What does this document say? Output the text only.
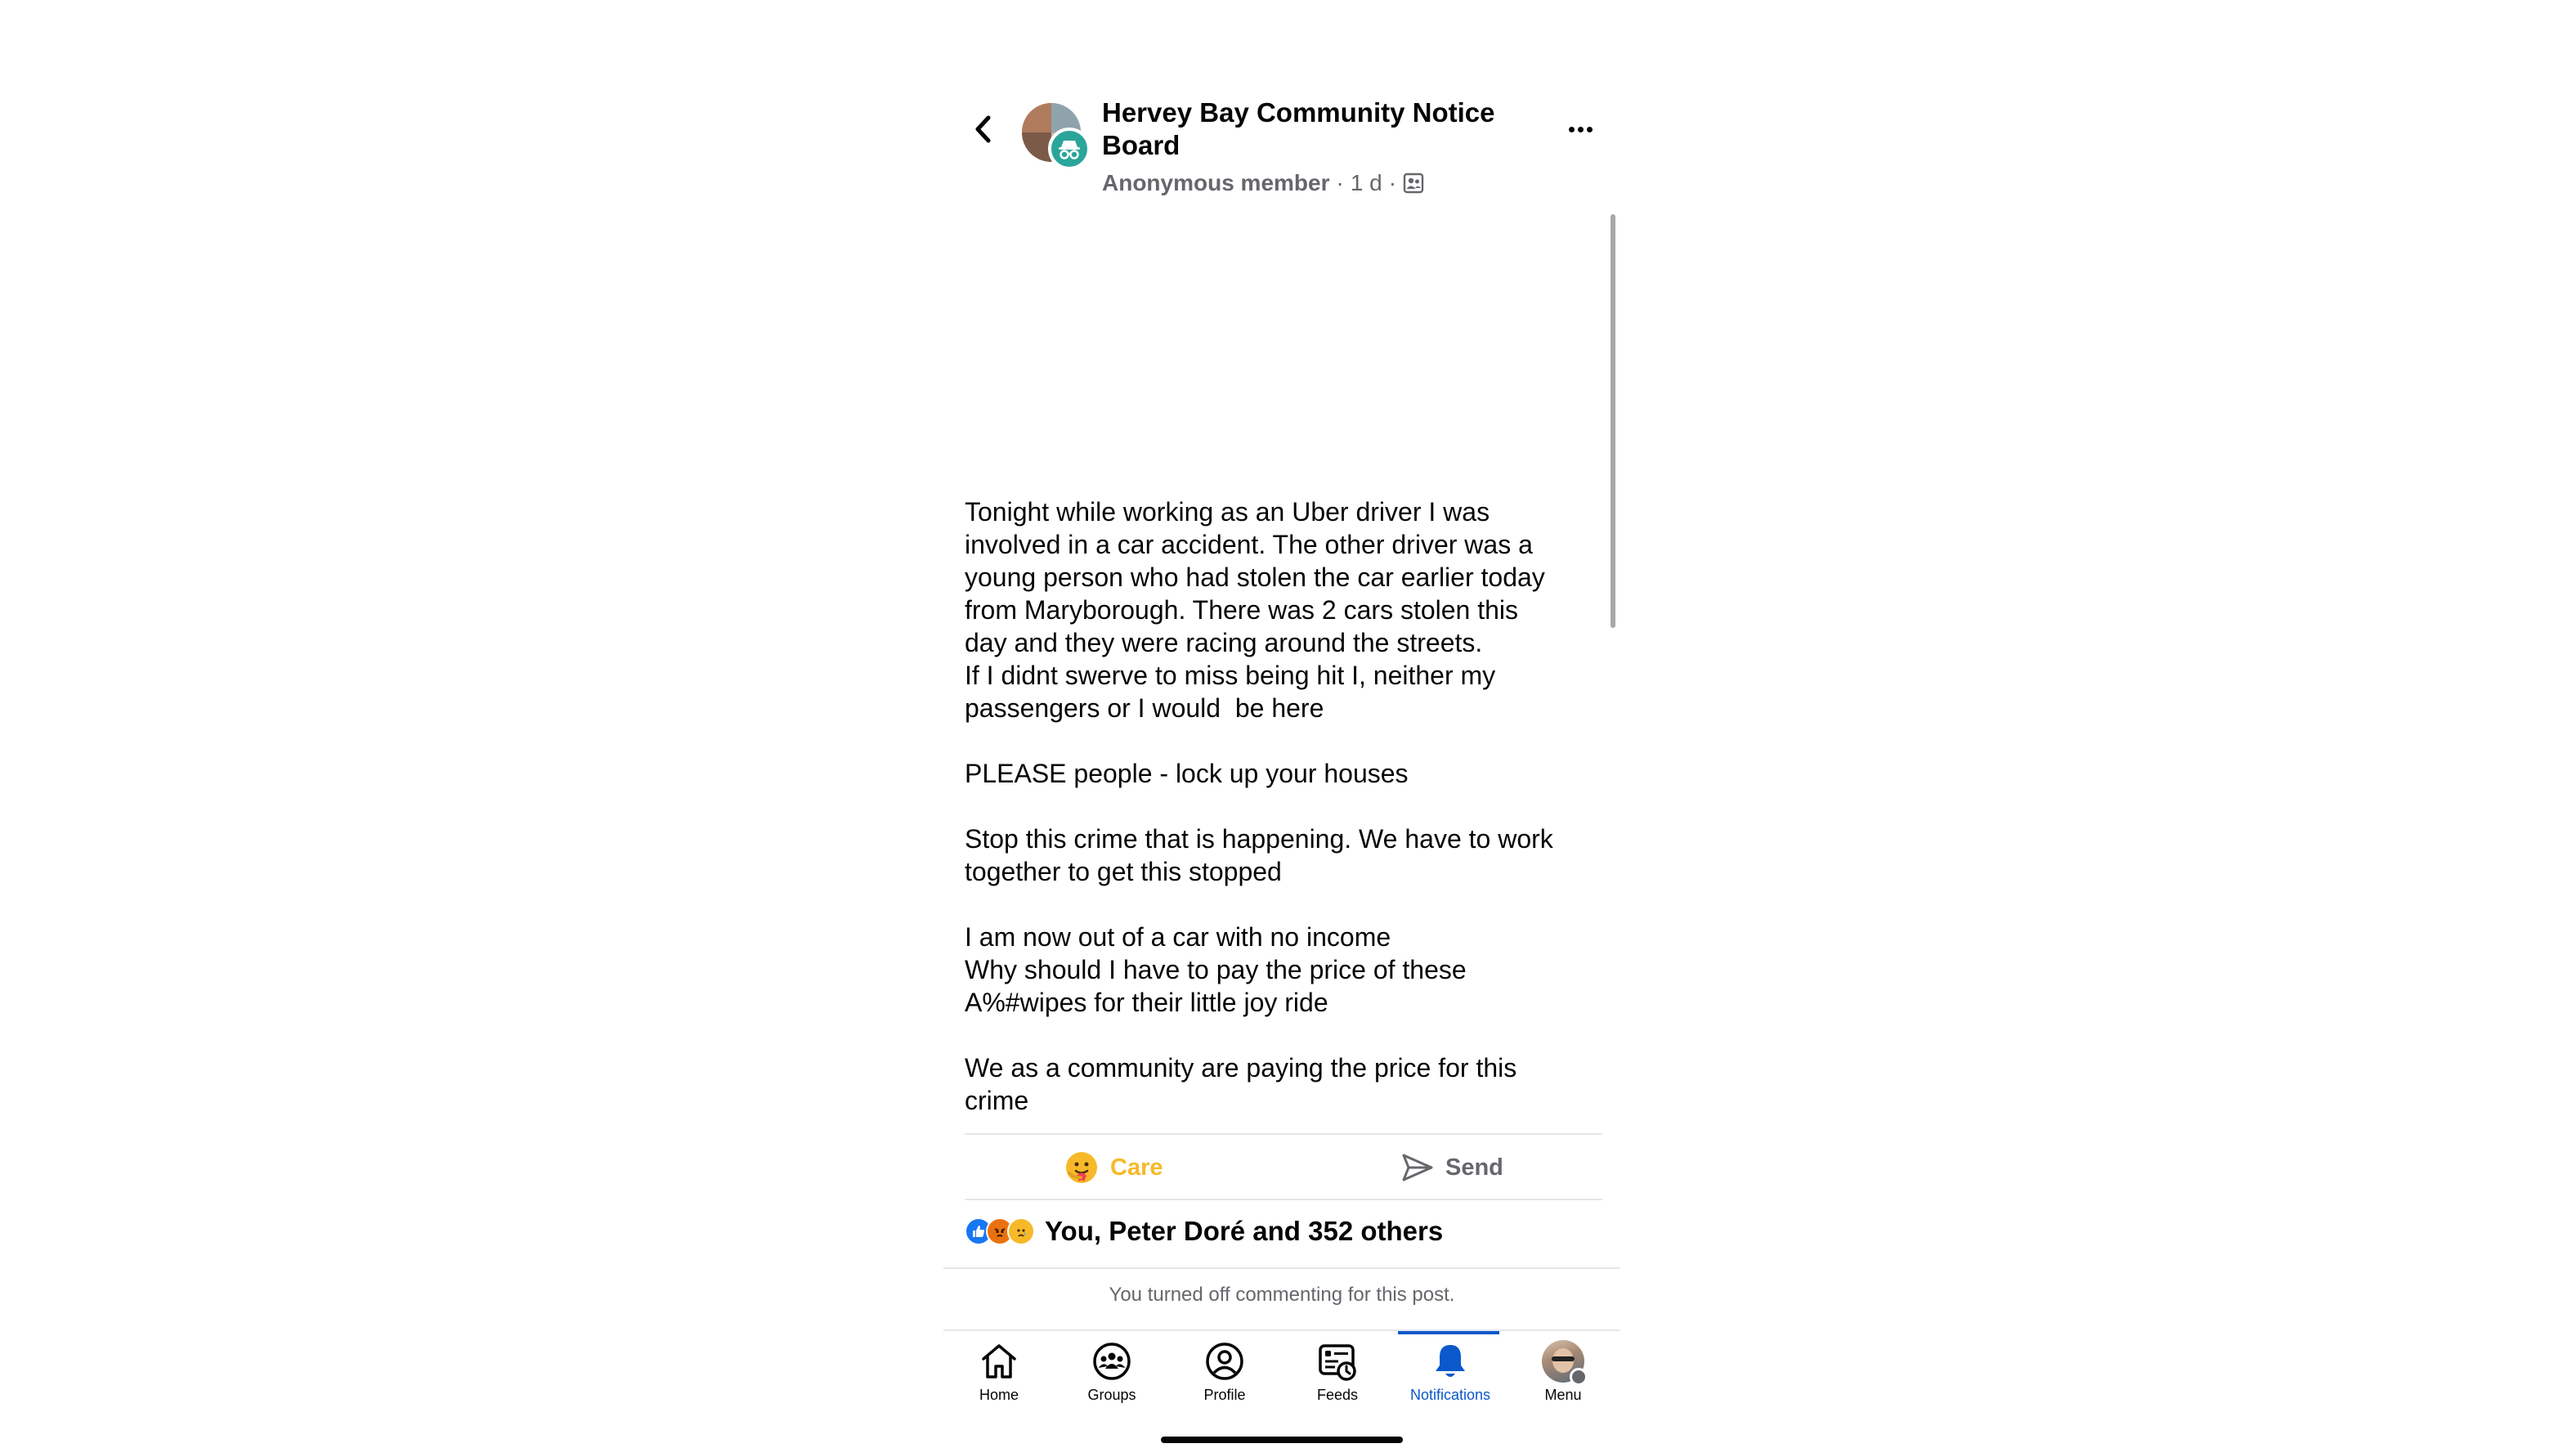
Hervey Bay Community Notice Board
Anonymous member · 1 d ·
Tonight while working as an Uber driver I was
involved in a car accident. The other driver was a
young person who had stolen the car earlier today
from Maryborough. There was 2 cars stolen this
day and they were racing around the streets.
If I didnt swerve to miss being hit I, neither my
passengers or I would  be here

PLEASE people - lock up your houses

Stop this crime that is happening. We have to work
together to get this stopped

I am now out of a car with no income
Why should I have to pay the price of these
A%#wipes for their little joy ride

We as a community are paying the price for this
crime
Care	Send
You, Peter Doré and 352 others
You turned off commenting for this post.
Home	Groups	Profile	Feeds	Notifications	Menu
